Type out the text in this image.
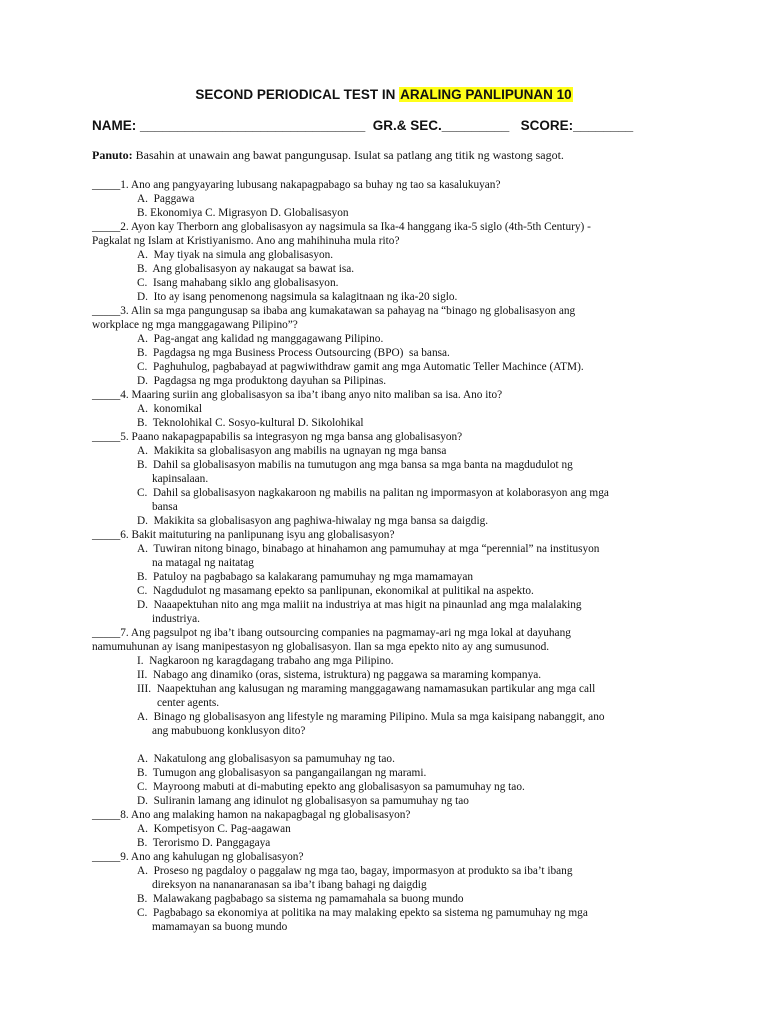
SECOND PERIODICAL TEST IN ARALING PANLIPUNAN 10
NAME: ______________________________  GR.& SEC._________   SCORE:________
Panuto: Basahin at unawain ang bawat pangungusap. Isulat sa patlang ang titik ng wastong sagot.
_____1. Ano ang pangyayaring lubusang nakapagpabago sa buhay ng tao sa kasalukuyan?
A.  Paggawa
B. Ekonomiya C. Migrasyon D. Globalisasyon
_____2. Ayon kay Therborn ang globalisasyon ay nagsimula sa Ika-4 hanggang ika-5 siglo (4th-5th Century) -
Pagkalat ng Islam at Kristiyanismo. Ano ang mahihinuha mula rito?
A.  May tiyak na simula ang globalisasyon.
B.  Ang globalisasyon ay nakaugat sa bawat isa.
C.  Isang mahabang siklo ang globalisasyon.
D.  Ito ay isang penomenong nagsimula sa kalagitnaan ng ika-20 siglo.
_____3. Alin sa mga pangungusap sa ibaba ang kumakatawan sa pahayag na “binago ng globalisasyon ang
workplace ng mga manggagawang Pilipino”?
A.  Pag-angat ang kalidad ng manggagawang Pilipino.
B.  Pagdagsa ng mga Business Process Outsourcing (BPO)  sa bansa.
C.  Paghuhulog, pagbabayad at pagwiwithdraw gamit ang mga Automatic Teller Machince (ATM).
D.  Pagdagsa ng mga produktong dayuhan sa Pilipinas.
_____4. Maaring suriin ang globalisasyon sa iba’t ibang anyo nito maliban sa isa. Ano ito?
A.  konomikal
B.  Teknolohikal C. Sosyo-kultural D. Sikolohikal
_____5. Paano nakapagpapabilis sa integrasyon ng mga bansa ang globalisasyon?
A.  Makikita sa globalisasyon ang mabilis na ugnayan ng mga bansa
B.  Dahil sa globalisasyon mabilis na tumutugon ang mga bansa sa mga banta na magdudulot ng
kapinsalaan.
C.  Dahil sa globalisasyon nagkakaroon ng mabilis na palitan ng impormasyon at kolaborasyon ang mga
bansa
D.  Makikita sa globalisasyon ang paghiwa-hiwalay ng mga bansa sa daigdig.
_____6. Bakit maituturing na panlipunang isyu ang globalisasyon?
A.  Tuwiran nitong binago, binabago at hinahamon ang pamumuhay at mga “perennial” na institusyon
na matagal ng naitatag
B.  Patuloy na pagbabago sa kalakarang pamumuhay ng mga mamamayan
C.  Nagdudulot ng masamang epekto sa panlipunan, ekonomikal at pulitikal na aspekto.
D.  Naaapektuhan nito ang mga maliit na industriya at mas higit na pinaunlad ang mga malalaking
industriya.
_____7. Ang pagsulpot ng iba’t ibang outsourcing companies na pagmamay-ari ng mga lokal at dayuhang
namumuhunan ay isang manipestasyon ng globalisasyon. Ilan sa mga epekto nito ay ang sumusunod.
I.  Nagkaroon ng karagdagang trabaho ang mga Pilipino.
II.  Nabago ang dinamiko (oras, sistema, istruktura) ng paggawa sa maraming kompanya.
III.  Naapektuhan ang kalusugan ng maraming manggagawang namamasukan partikular ang mga call
center agents.
A.  Binago ng globalisasyon ang lifestyle ng maraming Pilipino. Mula sa mga kaisipang nabanggit, ano
ang mabubuong konklusyon dito?
A.  Nakatulong ang globalisasyon sa pamumuhay ng tao.
B.  Tumugon ang globalisasyon sa pangangailangan ng marami.
C.  Mayroong mabuti at di-mabuting epekto ang globalisasyon sa pamumuhay ng tao.
D.  Suliranin lamang ang idinulot ng globalisasyon sa pamumuhay ng tao
_____8. Ano ang malaking hamon na nakapagbagal ng globalisasyon?
A.  Kompetisyon C. Pag-aagawan
B.  Terorismo D. Panggagaya
_____9. Ano ang kahulugan ng globalisasyon?
A.  Proseso ng pagdaloy o paggalaw ng mga tao, bagay, impormasyon at produkto sa iba’t ibang
direksyon na nananaranasan sa iba’t ibang bahagi ng daigdig
B.  Malawakang pagbabago sa sistema ng pamamahala sa buong mundo
C.  Pagbabago sa ekonomiya at politika na may malaking epekto sa sistema ng pamumuhay ng mga
mamamayan sa buong mundo
